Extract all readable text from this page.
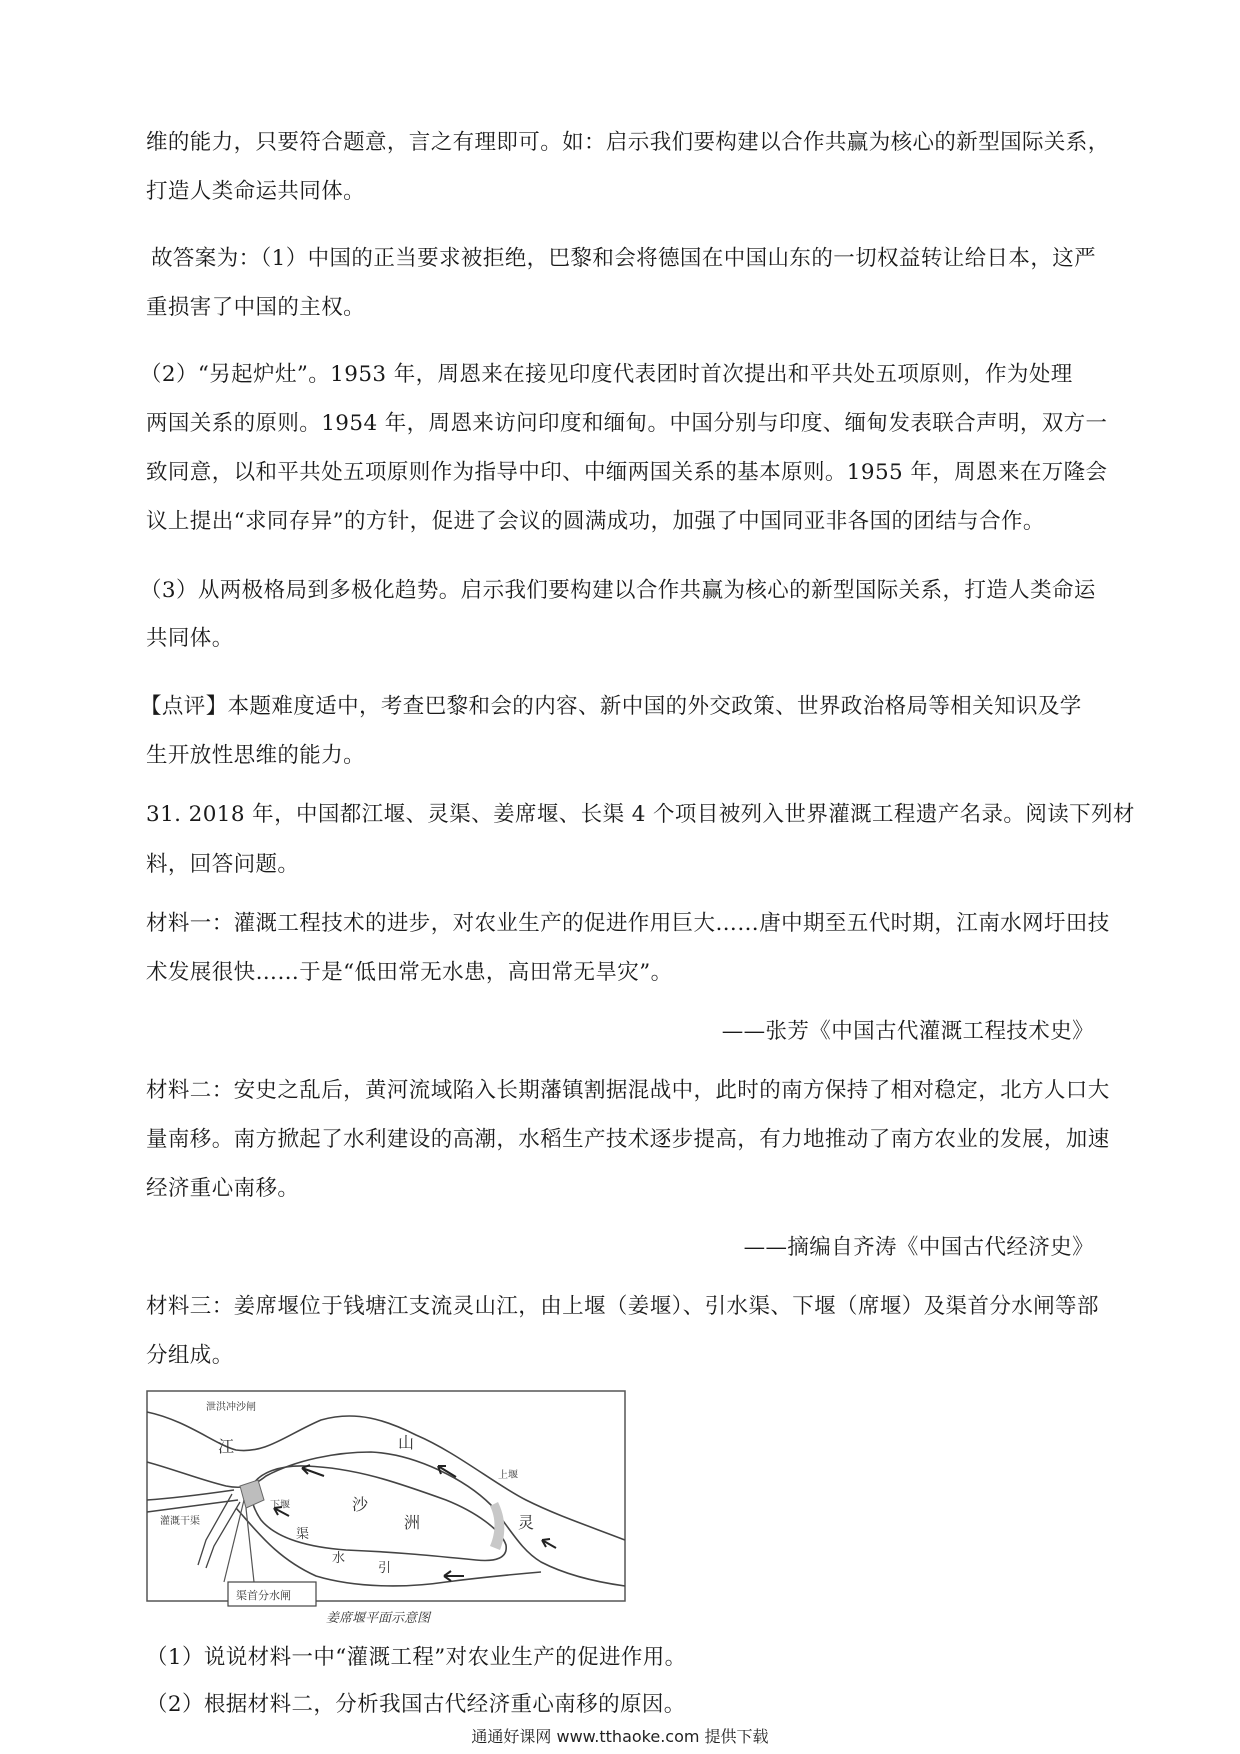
维的能力，只要符合题意，言之有理即可。如：启示我们要构建以合作共赢为核心的新型国际关系，
打造人类命运共同体。
故答案为：（1）中国的正当要求被拒绝，巴黎和会将德国在中国山东的一切权益转让给日本，这严
重损害了中国的主权。
（2）“另起炉灶”。1953 年，周恩来在接见印度代表团时首次提出和平共处五项原则，作为处理
两国关系的原则。1954 年，周恩来访问印度和缅甸。中国分别与印度、缅甸发表联合声明，双方一
致同意，以和平共处五项原则作为指导中印、中缅两国关系的基本原则。1955 年，周恩来在万隆会
议上提出“求同存异”的方针，促进了会议的圆满成功，加强了中国同亚非各国的团结与合作。
（3）从两极格局到多极化趋势。启示我们要构建以合作共赢为核心的新型国际关系，打造人类命运
共同体。
【点评】本题难度适中，考查巴黎和会的内容、新中国的外交政策、世界政治格局等相关知识及学
生开放性思维的能力。
31. 2018 年，中国都江堰、灵渠、姜席堰、长渠 4 个项目被列入世界灌溉工程遗产名录。阅读下列材
料，回答问题。
材料一：灌溉工程技术的进步，对农业生产的促进作用巨大……唐中期至五代时期，江南水网圩田技
术发展很快……于是“低田常无水患，高田常无旱灾”。
——张芳《中国古代灌溉工程技术史》
材料二：安史之乱后，黄河流域陷入长期藩镇割据混战中，此时的南方保持了相对稳定，北方人口大
量南移。南方掀起了水利建设的高潮，水稻生产技术逐步提高，有力地推动了南方农业的发展，加速
经济重心南移。
——摘编自齐涛《中国古代经济史》
材料三：姜席堰位于钱塘江支流灵山江，由上堰（姜堰）、引水渠、下堰（席堰）及渠首分水闸等部
分组成。
泄洪冲沙闸
江	山
沙
洲	灵
上堰
下堰
灌溉干渠
渠
水
引
渠首分水闸
姜席堰平面示意图
（1）说说材料一中“灌溉工程”对农业生产的促进作用。
（2）根据材料二，分析我国古代经济重心南移的原因。
通通好课网 www.tthaoke.com 提供下载
